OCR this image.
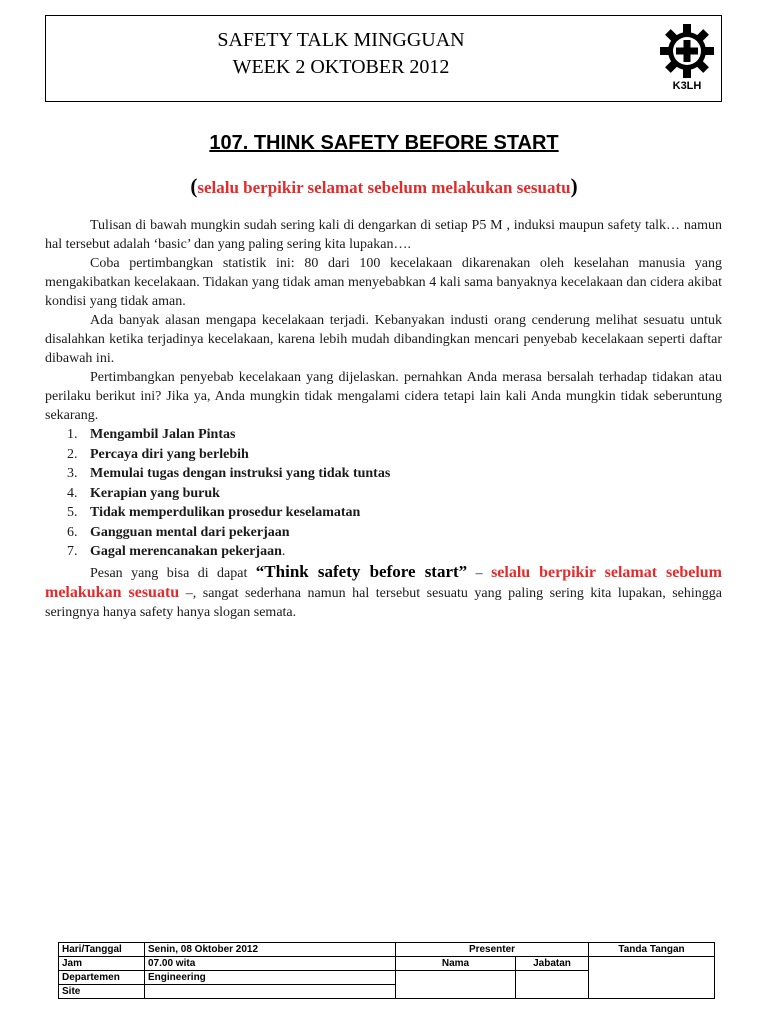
SAFETY TALK MINGGUAN
WEEK 2 OKTOBER 2012
K3LH
107. THINK SAFETY BEFORE START
(selalu berpikir selamat sebelum melakukan sesuatu)

Tulisan di bawah mungkin sudah sering kali di dengarkan di setiap P5 M , induksi maupun safety talk… namun hal tersebut adalah ‘basic’ dan yang paling sering kita lupakan….

Coba pertimbangkan statistik ini: 80 dari 100 kecelakaan dikarenakan oleh keselahan manusia yang mengakibatkan kecelakaan. Tidakan yang tidak aman menyebabkan 4 kali sama banyaknya kecelakaan dan cidera akibat kondisi yang tidak aman.

Ada banyak alasan mengapa kecelakaan terjadi. Kebanyakan industi orang cenderung melihat sesuatu untuk disalahkan ketika terjadinya kecelakaan, karena lebih mudah dibandingkan mencari penyebab kecelakaan seperti daftar dibawah ini.

Pertimbangkan penyebab kecelakaan yang dijelaskan. pernahkan Anda merasa bersalah terhadap tidakan atau perilaku berikut ini? Jika ya, Anda mungkin tidak mengalami cidera tetapi lain kali Anda mungkin tidak seberuntung sekarang.

1. Mengambil Jalan Pintas
2. Percaya diri yang berlebih
3. Memulai tugas dengan instruksi yang tidak tuntas
4. Kerapian yang buruk
5. Tidak memperdulikan prosedur keselamatan
6. Gangguan mental dari pekerjaan
7. Gagal merencanakan pekerjaan.

Pesan yang bisa di dapat “Think safety before start” – selalu berpikir selamat sebelum melakukan sesuatu –, sangat sederhana namun hal tersebut sesuatu yang paling sering kita lupakan, sehingga seringnya hanya safety hanya slogan semata.

Hari/Tanggal	Senin, 08 Oktober 2012	Presenter		Tanda Tangan
Jam	07.00 wita	Nama	Jabatan	
Departemen	Engineering			
Site				
